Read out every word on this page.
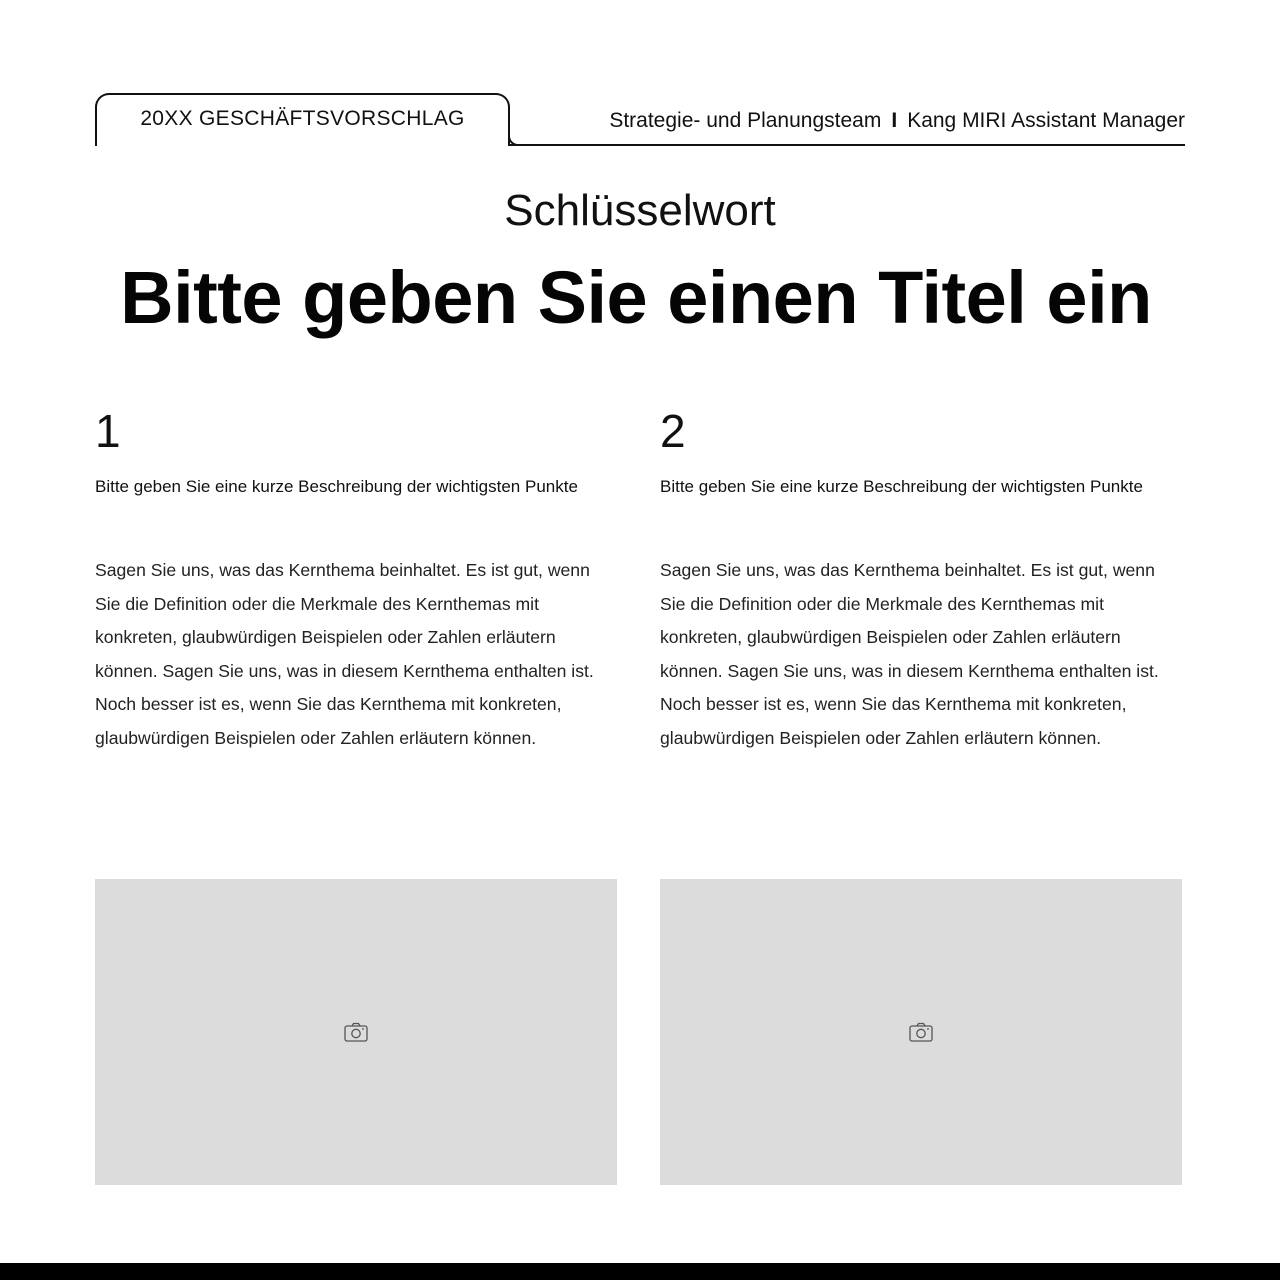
20XX GESCHÄFTSVORSCHLAG	Strategie- und Planungsteam I Kang MIRI Assistant Manager
Schlüsselwort
Bitte geben Sie einen Titel ein
1
Bitte geben Sie eine kurze Beschreibung der wichtigsten Punkte
Sagen Sie uns, was das Kernthema beinhaltet. Es ist gut, wenn
Sie die Definition oder die Merkmale des Kernthemas mit
konkreten, glaubwürdigen Beispielen oder Zahlen erläutern
können. Sagen Sie uns, was in diesem Kernthema enthalten ist.
Noch besser ist es, wenn Sie das Kernthema mit konkreten,
glaubwürdigen Beispielen oder Zahlen erläutern können.
2
Bitte geben Sie eine kurze Beschreibung der wichtigsten Punkte
Sagen Sie uns, was das Kernthema beinhaltet. Es ist gut, wenn
Sie die Definition oder die Merkmale des Kernthemas mit
konkreten, glaubwürdigen Beispielen oder Zahlen erläutern
können. Sagen Sie uns, was in diesem Kernthema enthalten ist.
Noch besser ist es, wenn Sie das Kernthema mit konkreten,
glaubwürdigen Beispielen oder Zahlen erläutern können.
